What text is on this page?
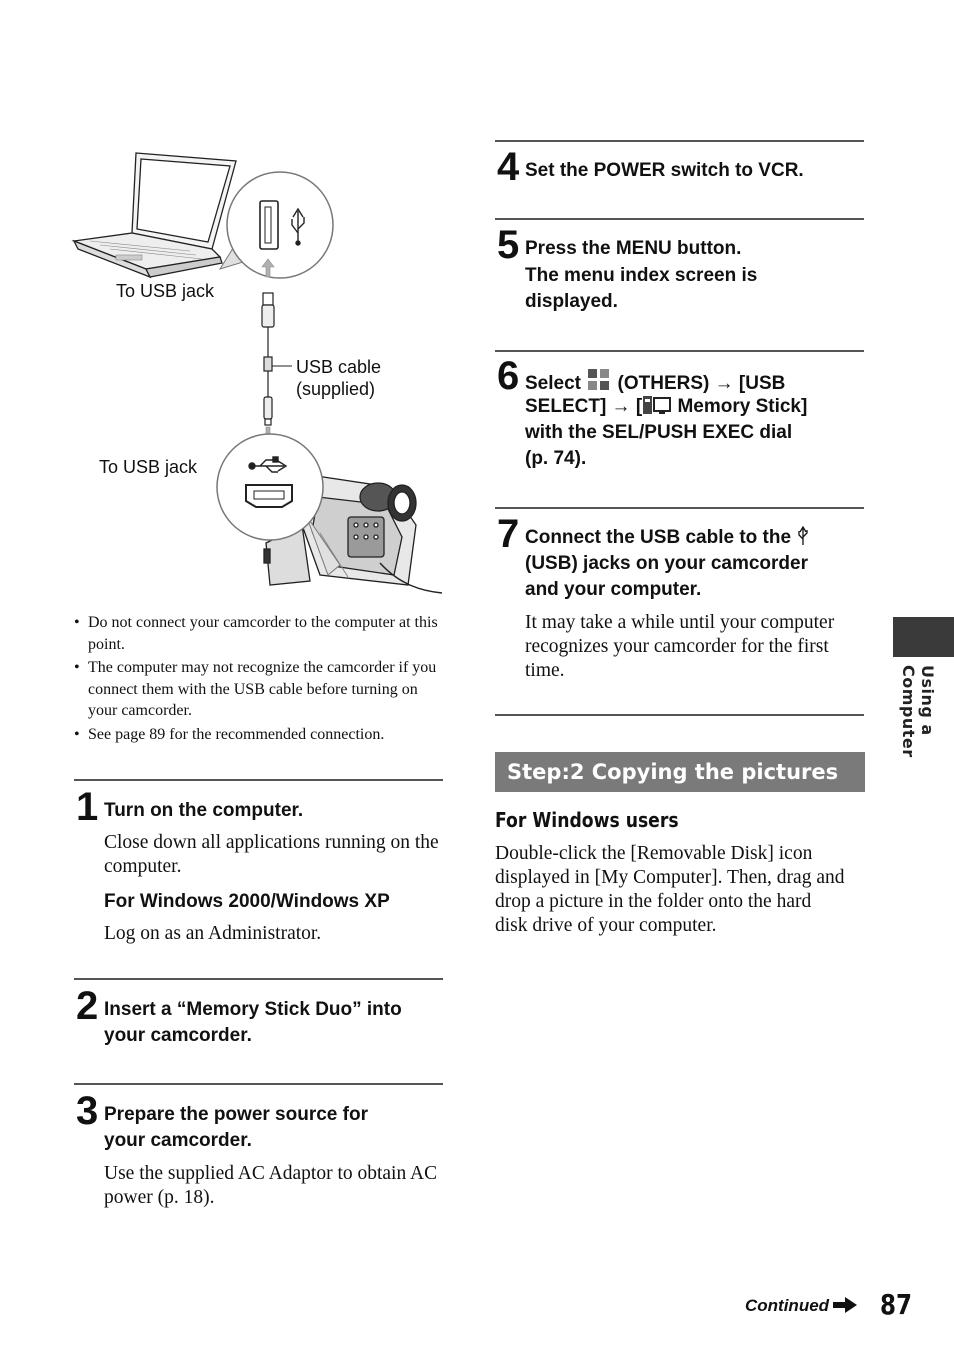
To USB jack
USB cable
(supplied)
To USB jack
• Do not connect your camcorder to the computer at this point.
• The computer may not recognize the camcorder if you connect them with the USB cable before turning on your camcorder.
• See page 89 for the recommended connection.
1 Turn on the computer.
Close down all applications running on the computer.
For Windows 2000/Windows XP
Log on as an Administrator.
2 Insert a “Memory Stick Duo” into
your camcorder.
3 Prepare the power source for
your camcorder.
Use the supplied AC Adaptor to obtain AC power (p. 18).
4 Set the POWER switch to VCR.
5 Press the MENU button.
The menu index screen is
displayed.
6 Select (OTHERS) → [USB
SELECT] → [ Memory Stick]
with the SEL/PUSH EXEC dial
(p. 74).
7 Connect the USB cable to the
(USB) jacks on your camcorder
and your computer.
It may take a while until your computer recognizes your camcorder for the first time.
Step:2 Copying the pictures
For Windows users
Double-click the [Removable Disk] icon displayed in [My Computer]. Then, drag and drop a picture in the folder onto the hard disk drive of your computer.
Using a Computer
Continued	87
